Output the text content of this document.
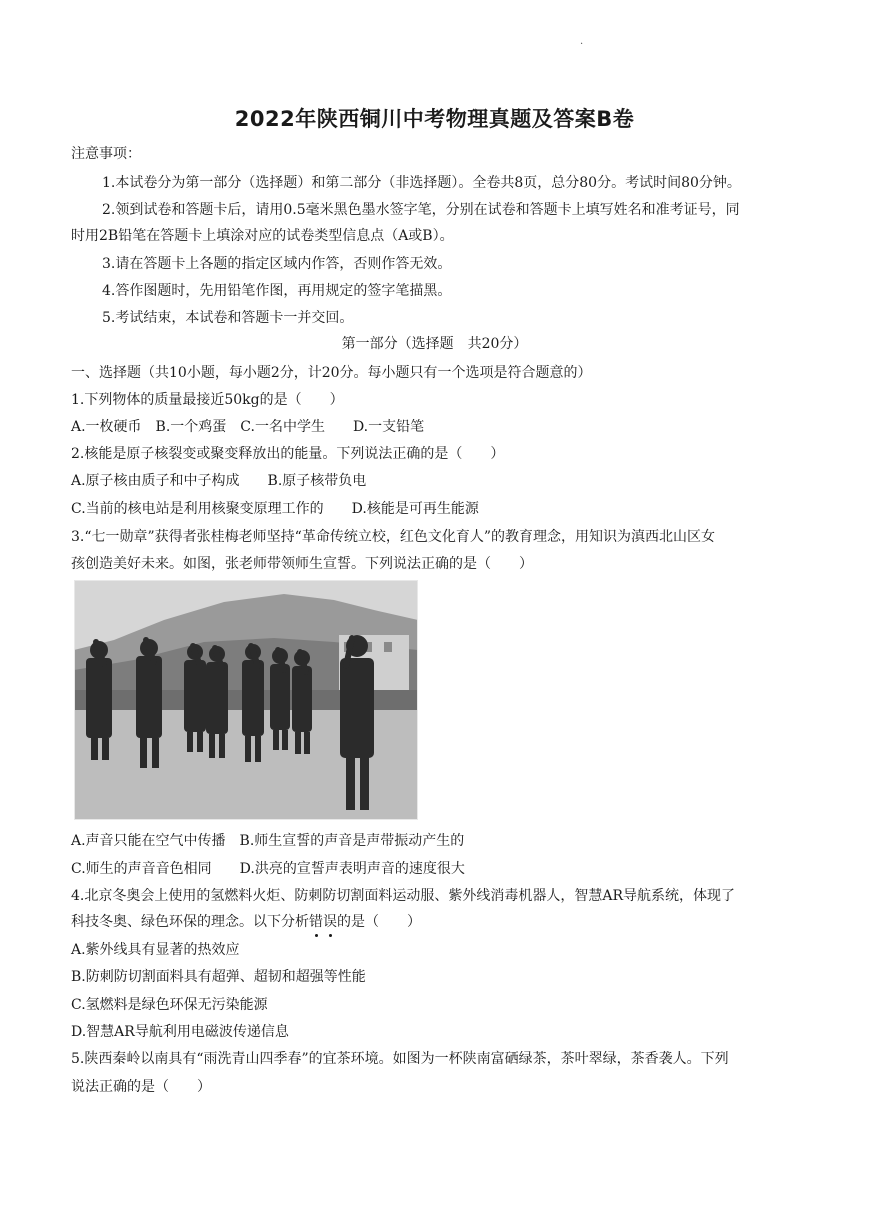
.
2022年陕西铜川中考物理真题及答案B卷
注意事项：
1.本试卷分为第一部分（选择题）和第二部分（非选择题）。全卷共8页，总分80分。考试时间80分钟。
2.领到试卷和答题卡后，请用0.5毫米黑色墨水签字笔，分别在试卷和答题卡上填写姓名和准考证号，同
时用2B铅笔在答题卡上填涂对应的试卷类型信息点（A或B）。
3.请在答题卡上各题的指定区域内作答，否则作答无效。
4.答作图题时，先用铅笔作图，再用规定的签字笔描黑。
5.考试结束，本试卷和答题卡一并交回。
第一部分（选择题　共20分）
一、选择题（共10小题，每小题2分，计20分。每小题只有一个选项是符合题意的）
1.下列物体的质量最接近50kg的是（　　）
A.一枚硬币　B.一个鸡蛋　C.一名中学生　　D.一支铅笔
2.核能是原子核裂变或聚变释放出的能量。下列说法正确的是（　　）
A.原子核由质子和中子构成　　B.原子核带负电
C.当前的核电站是利用核聚变原理工作的　　D.核能是可再生能源
3.“七一勋章”获得者张桂梅老师坚持“革命传统立校，红色文化育人”的教育理念，用知识为滇西北山区女
孩创造美好未来。如图，张老师带领师生宣誓。下列说法正确的是（　　）
A.声音只能在空气中传播　B.师生宣誓的声音是声带振动产生的
C.师生的声音音色相同　　D.洪亮的宣誓声表明声音的速度很大
4.北京冬奥会上使用的氢燃料火炬、防刺防切割面料运动服、紫外线消毒机器人，智慧AR导航系统，体现了
科技冬奥、绿色环保的理念。以下分析错误的是（　　）
A.紫外线具有显著的热效应
B.防刺防切割面料具有超弹、超韧和超强等性能
C.氢燃料是绿色环保无污染能源
D.智慧AR导航利用电磁波传递信息
5.陕西秦岭以南具有“雨洗青山四季春”的宜茶环境。如图为一杯陕南富硒绿茶，茶叶翠绿，茶香袭人。下列
说法正确的是（　　）
